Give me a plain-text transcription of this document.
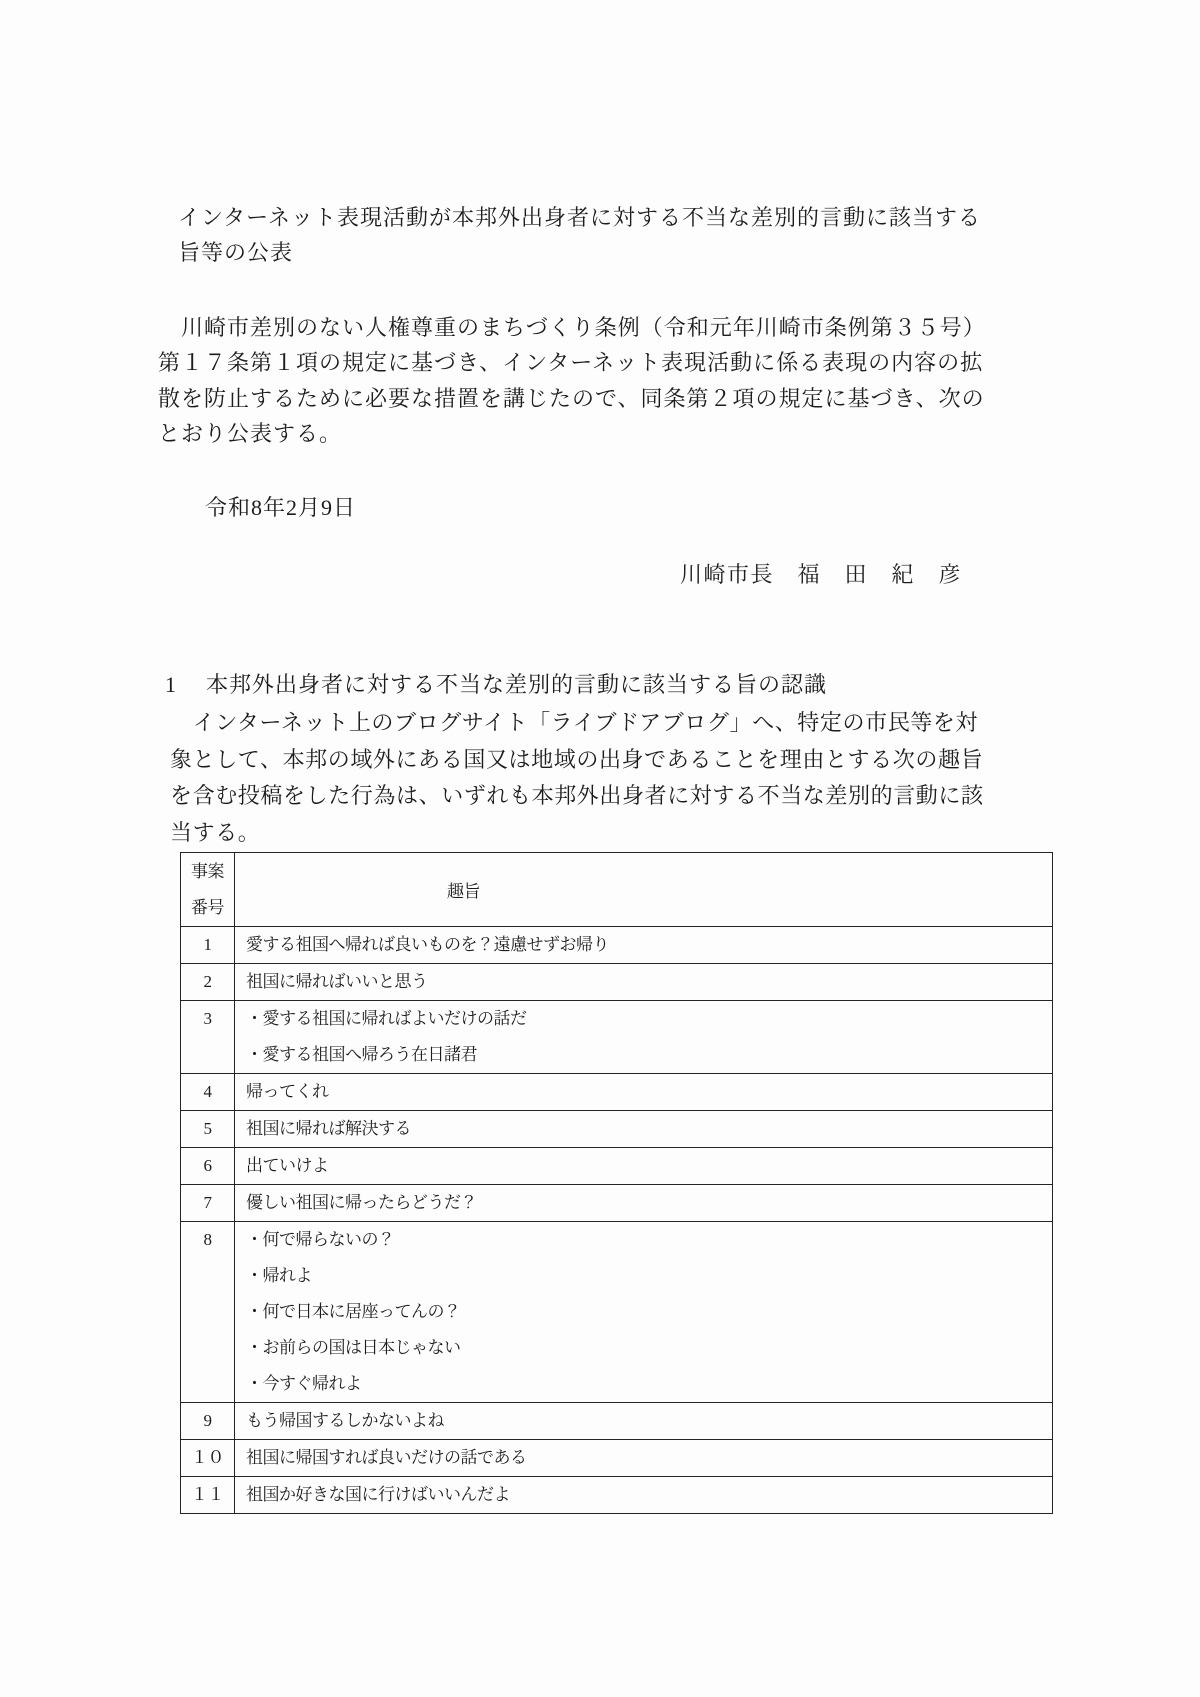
インターネット表現活動が本邦外出身者に対する不当な差別的言動に該当する
旨等の公表
　川崎市差別のない人権尊重のまちづくり条例（令和元年川崎市条例第３５号）
第１７条第１項の規定に基づき、インターネット表現活動に係る表現の内容の拡
散を防止するために必要な措置を講じたので、同条第２項の規定に基づき、次の
とおり公表する。
令和8年2月9日
川崎市長　福　田　紀　彦
1 本邦外出身者に対する不当な差別的言動に該当する旨の認識
　インターネット上のブログサイト「ライブドアブログ」へ、特定の市民等を対
象として、本邦の域外にある国又は地域の出身であることを理由とする次の趣旨
を含む投稿をした行為は、いずれも本邦外出身者に対する不当な差別的言動に該
当する。
事案
番号	趣旨
1	愛する祖国へ帰れば良いものを？遠慮せずお帰り

2	祖国に帰ればいいと思う

3	・愛する祖国に帰ればよいだけの話だ
・愛する祖国へ帰ろう在日諸君

4	帰ってくれ

5	祖国に帰れば解決する

6	出ていけよ

7	優しい祖国に帰ったらどうだ？

8	・何で帰らないの？
・帰れよ
・何で日本に居座ってんの？
・お前らの国は日本じゃない
・今すぐ帰れよ

9	もう帰国するしかないよね

１０	祖国に帰国すれば良いだけの話である

１１	祖国か好きな国に行けばいいんだよ
